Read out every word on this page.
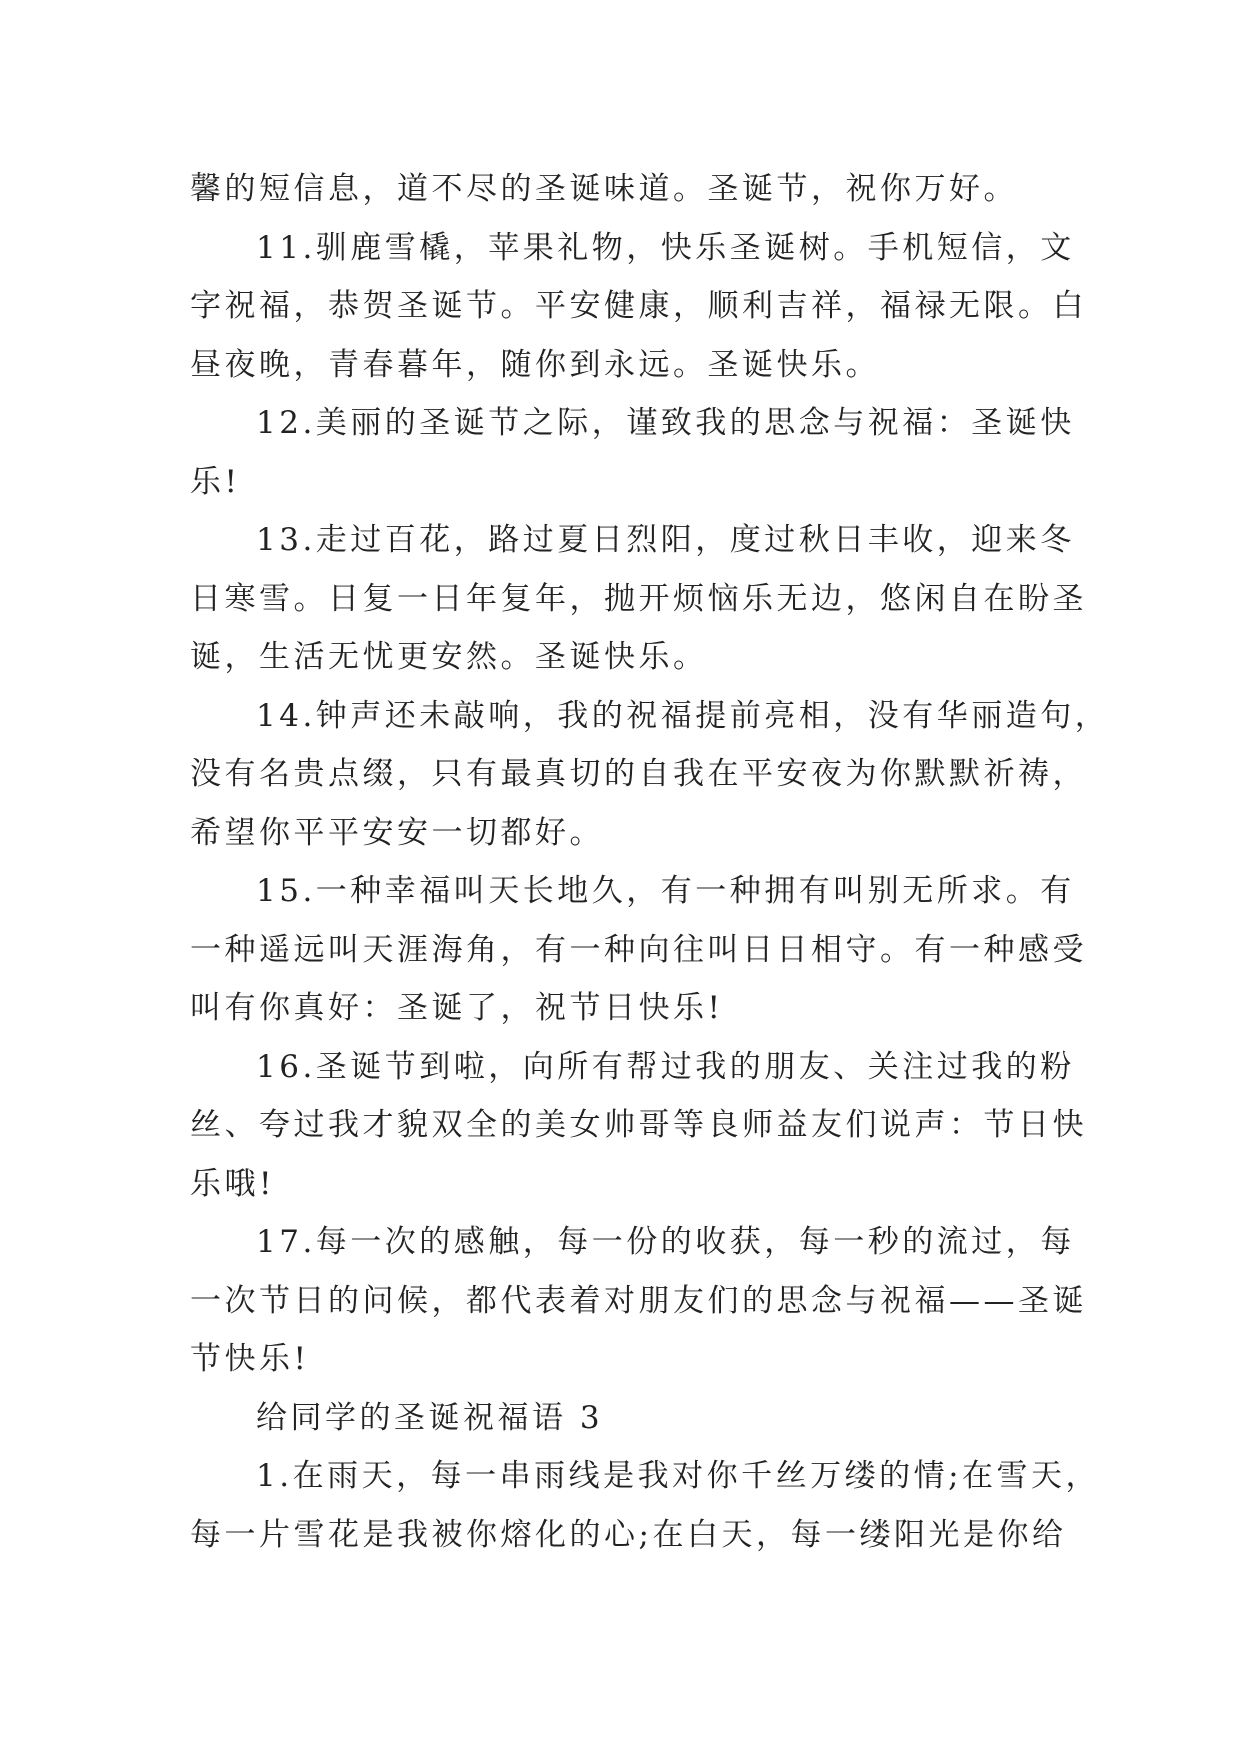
馨的短信息，道不尽的圣诞味道。圣诞节，祝你万好。
11.驯鹿雪橇，苹果礼物，快乐圣诞树。手机短信，文
字祝福，恭贺圣诞节。平安健康，顺利吉祥，福禄无限。白
昼夜晚，青春暮年，随你到永远。圣诞快乐。
12.美丽的圣诞节之际，谨致我的思念与祝福：圣诞快
乐!
13.走过百花，路过夏日烈阳，度过秋日丰收，迎来冬
日寒雪。日复一日年复年，抛开烦恼乐无边，悠闲自在盼圣
诞，生活无忧更安然。圣诞快乐。
14.钟声还未敲响，我的祝福提前亮相，没有华丽造句，
没有名贵点缀，只有最真切的自我在平安夜为你默默祈祷，
希望你平平安安一切都好。
15.一种幸福叫天长地久，有一种拥有叫别无所求。有
一种遥远叫天涯海角，有一种向往叫日日相守。有一种感受
叫有你真好：圣诞了，祝节日快乐!
16.圣诞节到啦，向所有帮过我的朋友、关注过我的粉
丝、夸过我才貌双全的美女帅哥等良师益友们说声：节日快
乐哦!
17.每一次的感触，每一份的收获，每一秒的流过，每
一次节日的问候，都代表着对朋友们的思念与祝福——圣诞
节快乐!
给同学的圣诞祝福语 3
1.在雨天，每一串雨线是我对你千丝万缕的情;在雪天，
每一片雪花是我被你熔化的心;在白天，每一缕阳光是你给
